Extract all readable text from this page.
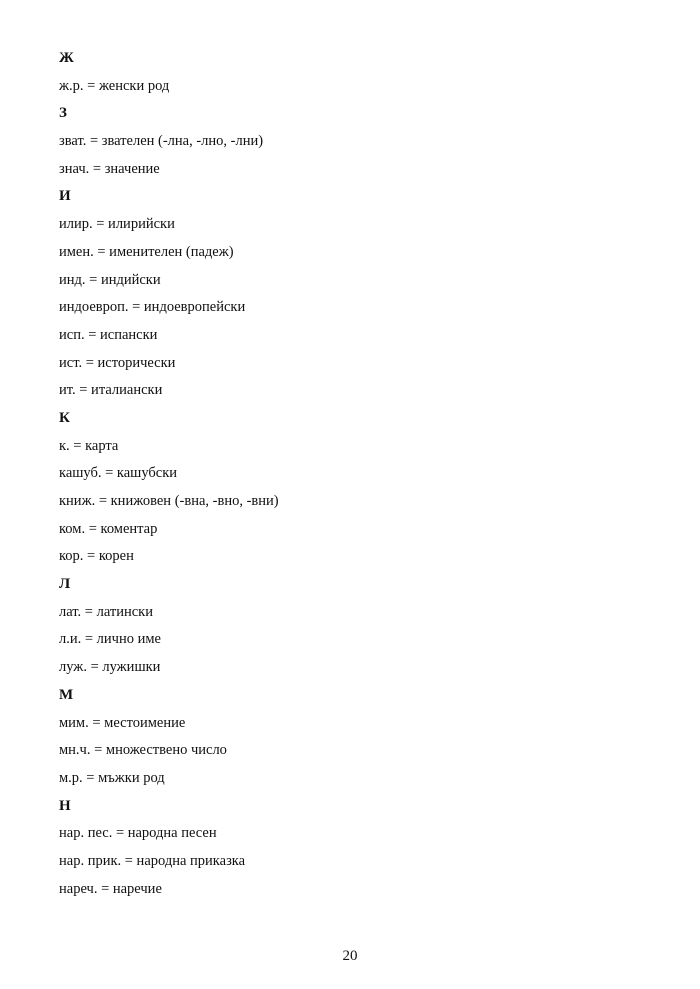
Ж
ж.р. = женски род
З
зват. = звателен (-лна, -лно, -лни)
знач. = значение
И
илир. = илирийски
имен. = именителен (падеж)
инд. = индийски
индоевроп. = индоевропейски
исп. = испански
ист. = исторически
ит. = италиански
К
к. = карта
кашуб. = кашубски
книж. = книжовен (-вна, -вно, -вни)
ком. = коментар
кор. = корен
Л
лат. = латински
л.и. = лично име
луж. = лужишки
М
мим. = местоимение
мн.ч. = множествено число
м.р. = мъжки род
Н
нар. пес. = народна песен
нар. прик. = народна приказка
нареч. = наречие
20
